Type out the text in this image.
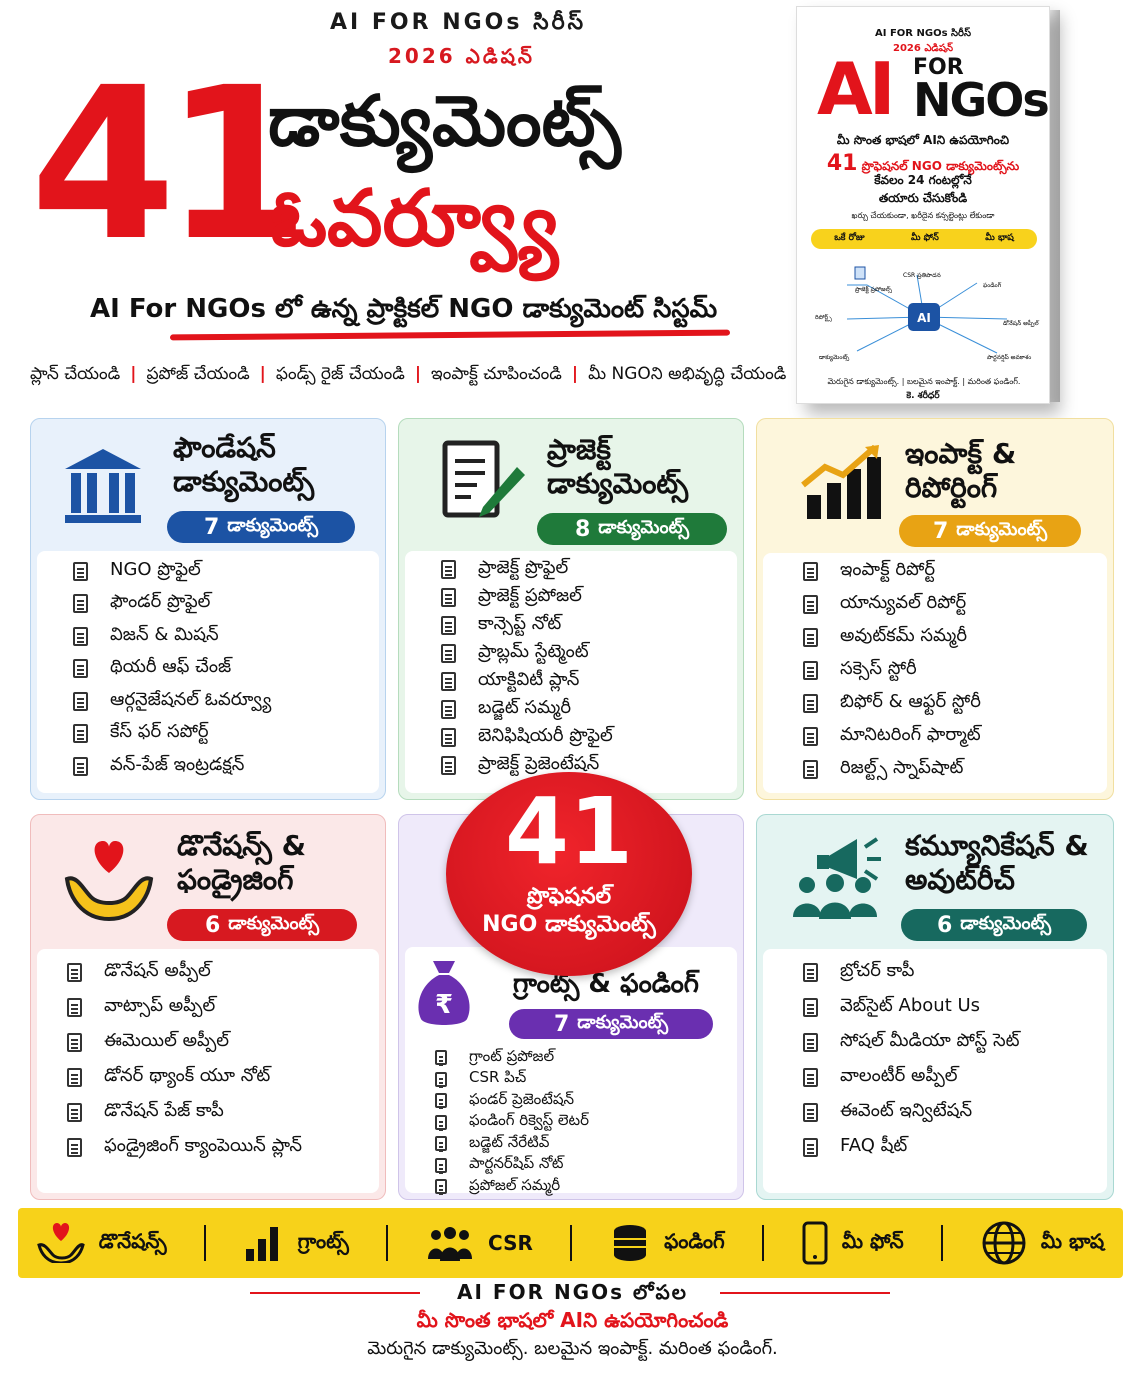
AI FOR NGOs సిరీస్
2026 ఎడిషన్
41
డాక్యుమెంట్స్
ఓవర్వ్యూ
AI For NGOs లో ఉన్న ప్రాక్టికల్ NGO డాక్యుమెంట్ సిస్టమ్
ప్లాన్ చేయండి | ప్రపోజ్ చేయండి | ఫండ్స్ రైజ్ చేయండి | ఇంపాక్ట్ చూపించండి | మీ NGOని అభివృద్ధి చేయండి
AI FOR NGOs సిరీస్
2026 ఎడిషన్
AI FOR
NGOs
మీ సొంత భాషలో AIని ఉపయోగించి
41 ప్రొఫెషనల్ NGO డాక్యుమెంట్స్‌ను
కేవలం 24 గంటల్లోనే
తయారు చేసుకోండి
ఖర్చు చేయకుండా, ఖరీదైన కన్సల్టెంట్లు లేకుండా
ఒకే రోజు	మీ ఫోన్	మీ భాష
AI
ప్రాజెక్ట్ ప్రపోజల్స్
CSR ప్రతిపాదన
ఫండింగ్
రిపోర్ట్స్
డోనేషన్ అప్పీల్
డాక్యుమెంట్స్	పార్టనర్షిప్ అవకాశం
మెరుగైన డాక్యుమెంట్స్. | బలమైన ఇంపాక్ట్. | మరింత ఫండింగ్.
కె. శరీధర్
ఫౌండేషన్
డాక్యుమెంట్స్
7 డాక్యుమెంట్స్
NGO ప్రొఫైల్
ఫౌండర్ ప్రొఫైల్
విజన్ & మిషన్
థియరీ ఆఫ్ చేంజ్
ఆర్గనైజేషనల్ ఓవర్వ్యూ
కేస్ ఫర్ సపోర్ట్
వన్-పేజ్ ఇంట్రడక్షన్
ప్రాజెక్ట్
డాక్యుమెంట్స్
8 డాక్యుమెంట్స్
ప్రాజెక్ట్ ప్రొఫైల్
ప్రాజెక్ట్ ప్రపోజల్
కాన్సెప్ట్ నోట్
ప్రాబ్లమ్ స్టేట్మెంట్
యాక్టివిటీ ప్లాన్
బడ్జెట్ సమ్మరీ
బెనిఫిషియరీ ప్రొఫైల్
ప్రాజెక్ట్ ప్రెజెంటేషన్
ఇంపాక్ట్ &
రిపోర్టింగ్
7 డాక్యుమెంట్స్
ఇంపాక్ట్ రిపోర్ట్
యాన్యువల్ రిపోర్ట్
అవుట్‌కమ్ సమ్మరీ
సక్సెస్ స్టోరీ
బిఫోర్ & ఆఫ్టర్ స్టోరీ
మానిటరింగ్ ఫార్మాట్
రిజల్ట్స్ స్నాప్‌షాట్
డొనేషన్స్ &
ఫండ్రైజింగ్
6 డాక్యుమెంట్స్
డొనేషన్ అప్పీల్
వాట్సాప్ అప్పీల్
ఈమెయిల్ అప్పీల్
డోనర్ థ్యాంక్ యూ నోట్
డొనేషన్ పేజ్ కాపీ
ఫండ్రైజింగ్ క్యాంపెయిన్ ప్లాన్
₹
గ్రాంట్స్ & ఫండింగ్
7 డాక్యుమెంట్స్
గ్రాంట్ ప్రపోజల్
CSR పిచ్
ఫండర్ ప్రెజెంటేషన్
ఫండింగ్ రిక్వెస్ట్ లెటర్
బడ్జెట్ నేరేటివ్
పార్టనర్‌షిప్ నోట్
ప్రపోజల్ సమ్మరీ
కమ్యూనికేషన్ &
అవుట్‌రీచ్
6 డాక్యుమెంట్స్
బ్రోచర్ కాపీ
వెబ్‌సైట్ About Us
సోషల్ మీడియా పోస్ట్ సెట్
వాలంటీర్ అప్పీల్
ఈవెంట్ ఇన్విటేషన్
FAQ షీట్
41
ప్రొఫెషనల్
NGO డాక్యుమెంట్స్
డొనేషన్స్	గ్రాంట్స్	CSR	ఫండింగ్	మీ ఫోన్	మీ భాష
AI FOR NGOs లోపల
మీ సొంత భాషలో AIని ఉపయోగించండి
మెరుగైన డాక్యుమెంట్స్. బలమైన ఇంపాక్ట్. మరింత ఫండింగ్.
